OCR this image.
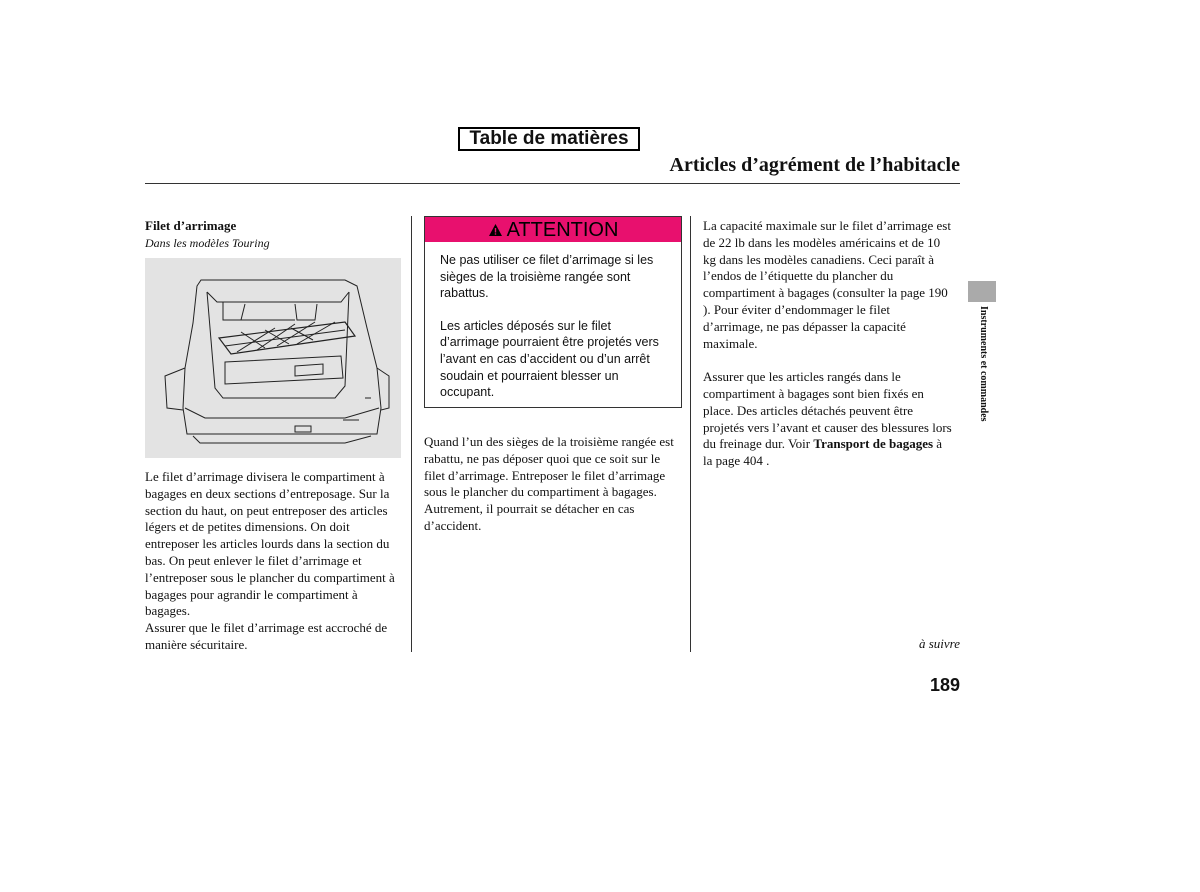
Table de matières
Articles d’agrément de l’habitacle
Filet d’arrimage
Dans les modèles Touring

Le filet d’arrimage divisera le compartiment à bagages en deux sections d’entreposage. Sur la section du haut, on peut entreposer des articles légers et de petites dimensions. On doit entreposer les articles lourds dans la section du bas. On peut enlever le filet d’arrimage et l’entreposer sous le plancher du compartiment à bagages pour agrandir le compartiment à bagages.

Assurer que le filet d’arrimage est accroché de manière sécuritaire.

ATTENTION

Ne pas utiliser ce filet d’arrimage si les sièges de la troisième rangée sont rabattus.

Les articles déposés sur le filet d’arrimage pourraient être projetés vers l’avant en cas d’accident ou d’un arrêt soudain et pourraient blesser un occupant.

Quand l’un des sièges de la troisième rangée est rabattu, ne pas déposer quoi que ce soit sur le filet d’arrimage. Entreposer le filet d’arrimage sous le plancher du compartiment à bagages. Autrement, il pourrait se détacher en cas d’accident.

La capacité maximale sur le filet d’arrimage est de 22 lb dans les modèles américains et de 10 kg dans les modèles canadiens. Ceci paraît à l’endos de l’étiquette du plancher du compartiment à bagages (consulter la page 190 ). Pour éviter d’endommager le filet d’arrimage, ne pas dépasser la capacité maximale.

Assurer que les articles rangés dans le compartiment à bagages sont bien fixés en place. Des articles détachés peuvent être projetés vers l’avant et causer des blessures lors du freinage dur. Voir Transport de bagages à la page 404 .

à suivre
189
Instruments et commandes
